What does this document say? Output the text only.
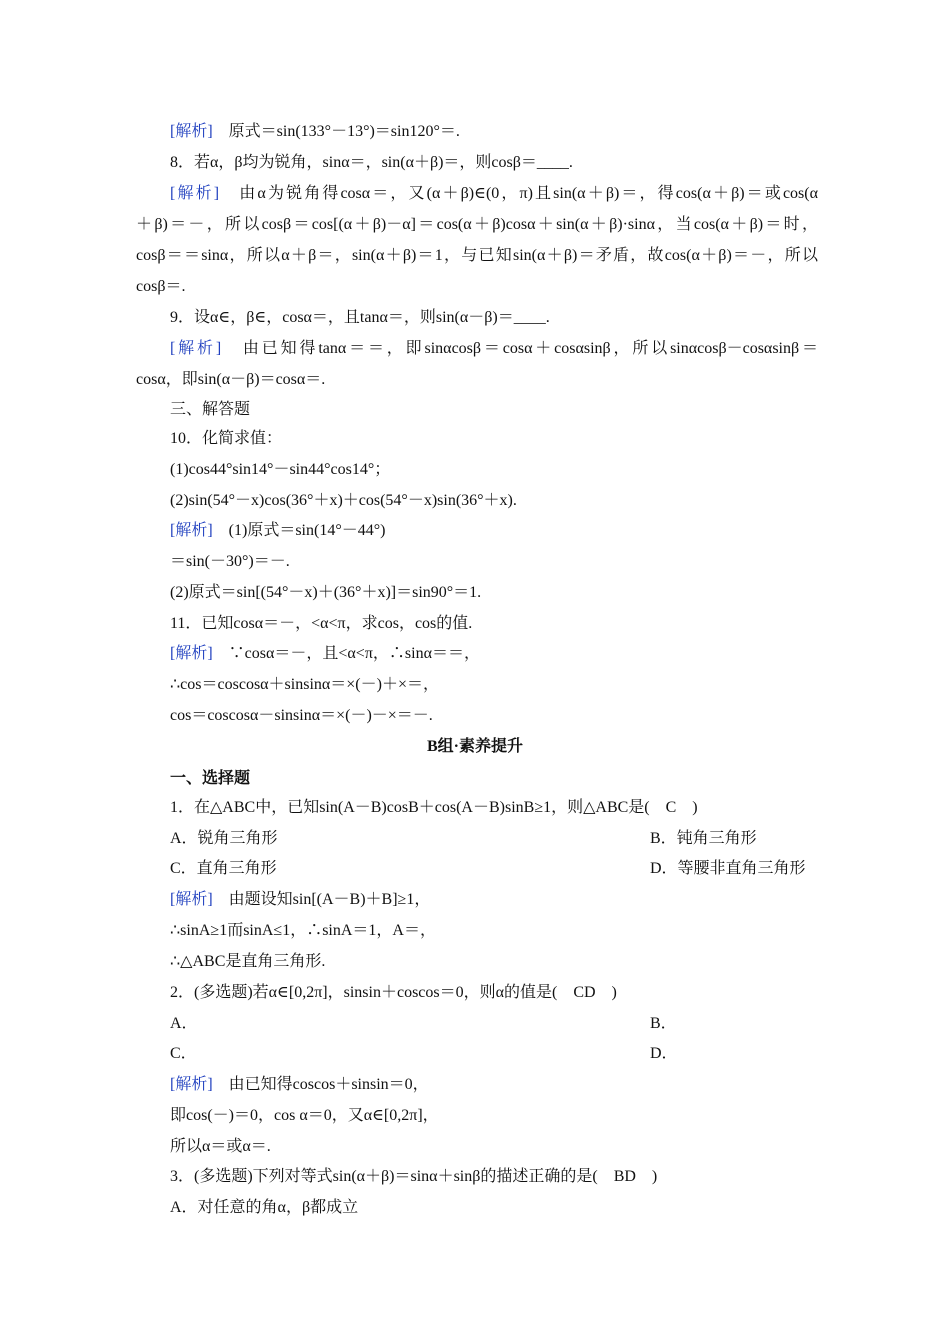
[解析]　原式＝sin(133°－13°)＝sin120°＝.
8．若α，β均为锐角，sinα＝，sin(α＋β)＝，则cosβ＝____.
[解析]　由α为锐角得cosα＝，又(α＋β)∈(0，π)且sin(α＋β)＝，得cos(α＋β)＝或cos(α
＋β)＝－，所以cosβ＝cos[(α＋β)－α]＝cos(α＋β)cosα＋sin(α＋β)·sinα，当cos(α＋β)＝时，
cosβ＝＝sinα，所以α＋β＝，sin(α＋β)＝1，与已知sin(α＋β)＝矛盾，故cos(α＋β)＝－，所以
cosβ＝.
9．设α∈，β∈，cosα＝，且tanα＝，则sin(α－β)＝____.
[解析]　由已知得tanα＝＝，即sinαcosβ＝cosα＋cosαsinβ，所以sinαcosβ－cosαsinβ＝
cosα，即sin(α－β)＝cosα＝.
三、解答题
10．化简求值：
(1)cos44°sin14°－sin44°cos14°；
(2)sin(54°－x)cos(36°＋x)＋cos(54°－x)sin(36°＋x).
[解析]　(1)原式＝sin(14°－44°)
＝sin(－30°)＝－.
(2)原式＝sin[(54°－x)＋(36°＋x)]＝sin90°＝1.
11．已知cosα＝－，<α<π，求cos，cos的值.
[解析]　∵cosα＝－，且<α<π，∴sinα＝＝，
∴cos＝coscosα＋sinsinα＝×(－)＋×＝，
cos＝coscosα－sinsinα＝×(－)－×＝－.
B组·素养提升
一、选择题
1．在△ABC中，已知sin(A－B)cosB＋cos(A－B)sinB≥1，则△ABC是(　C　)
A．锐角三角形	B．钝角三角形
C．直角三角形	D．等腰非直角三角形
[解析]　由题设知sin[(A－B)＋B]≥1，
∴sinA≥1而sinA≤1，∴sinA＝1，A＝，
∴△ABC是直角三角形.
2．(多选题)若α∈[0,2π]，sinsin＋coscos＝0，则α的值是(　CD　)
A．	B．
C．	D．
[解析]　由已知得coscos＋sinsin＝0，
即cos(－)＝0，cos α＝0，又α∈[0,2π]，
所以α＝或α＝.
3．(多选题)下列对等式sin(α＋β)＝sinα＋sinβ的描述正确的是(　BD　)
A．对任意的角α，β都成立
